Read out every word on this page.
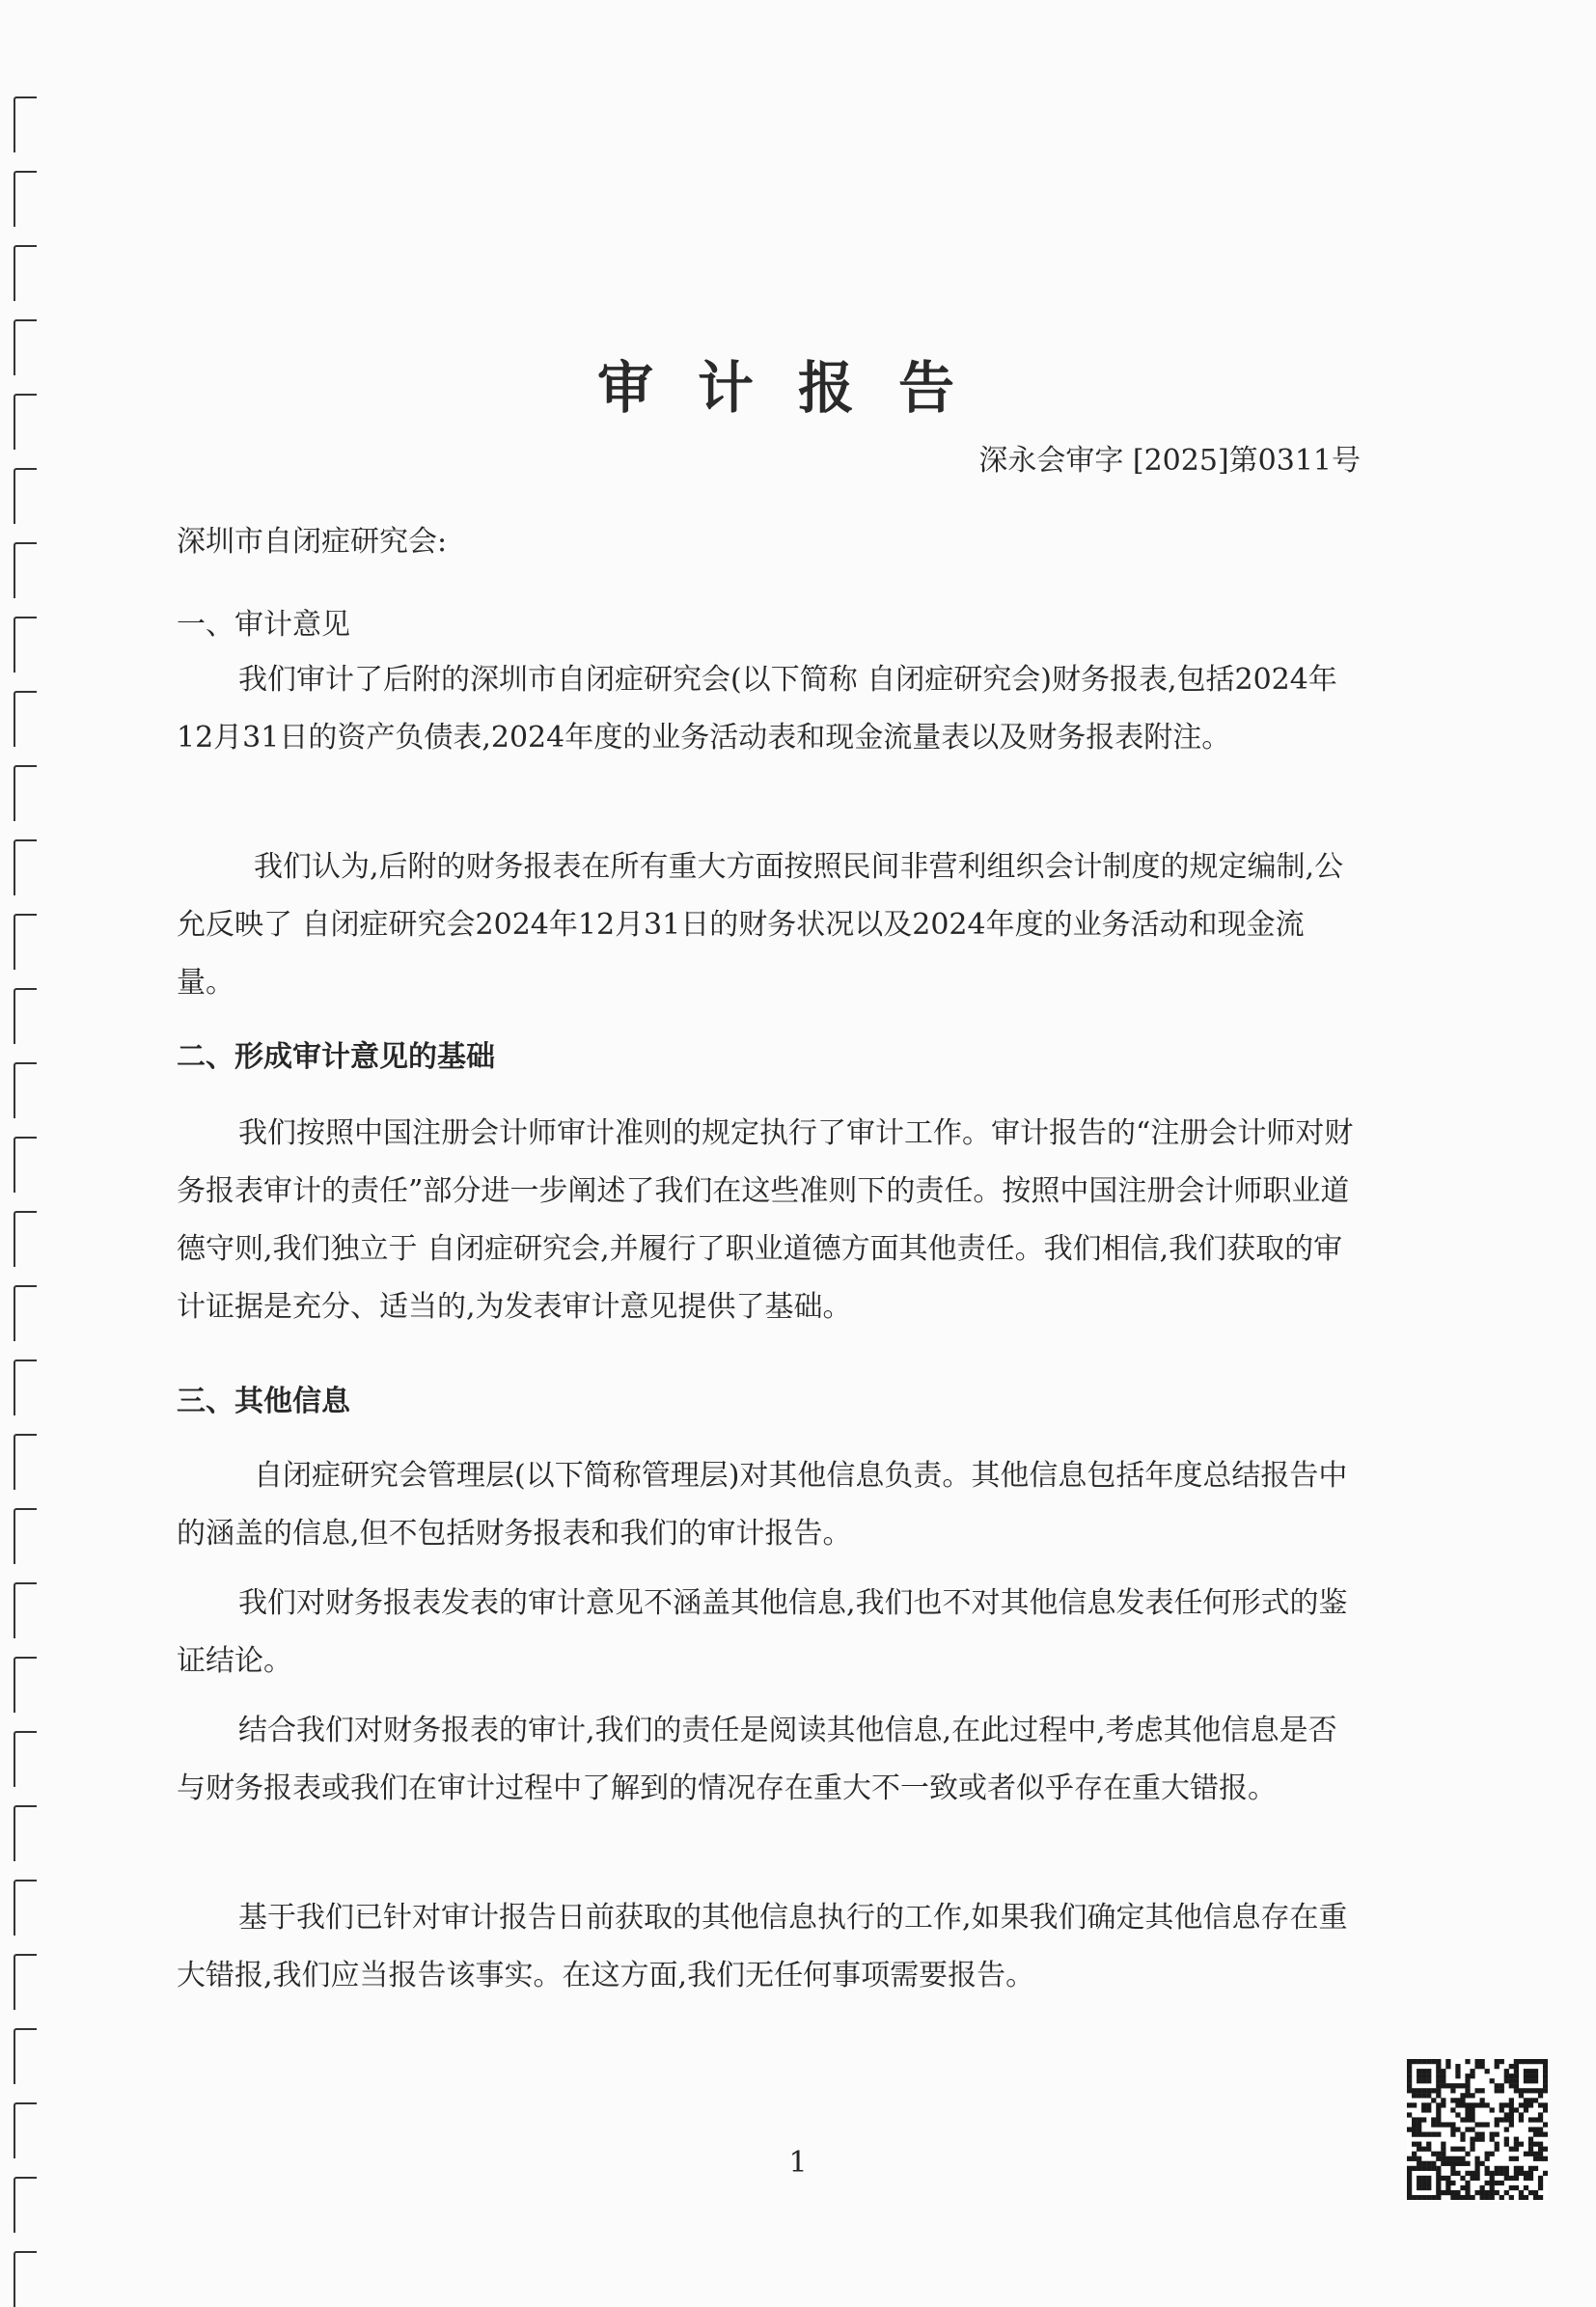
审计报告

深永会审字 [2025]第0311号

深圳市自闭症研究会:

一、审计意见

我们审计了后附的深圳市自闭症研究会(以下简称 自闭症研究会)财务报表,包括2024年12月31日的资产负债表,2024年度的业务活动表和现金流量表以及财务报表附注。

我们认为,后附的财务报表在所有重大方面按照民间非营利组织会计制度的规定编制,公允反映了 自闭症研究会2024年12月31日的财务状况以及2024年度的业务活动和现金流量。

二、形成审计意见的基础

我们按照中国注册会计师审计准则的规定执行了审计工作。审计报告的“注册会计师对财务报表审计的责任”部分进一步阐述了我们在这些准则下的责任。按照中国注册会计师职业道德守则,我们独立于 自闭症研究会,并履行了职业道德方面其他责任。我们相信,我们获取的审计证据是充分、适当的,为发表审计意见提供了基础。

三、其他信息

自闭症研究会管理层(以下简称管理层)对其他信息负责。其他信息包括年度总结报告中的涵盖的信息,但不包括财务报表和我们的审计报告。

我们对财务报表发表的审计意见不涵盖其他信息,我们也不对其他信息发表任何形式的鉴证结论。

结合我们对财务报表的审计,我们的责任是阅读其他信息,在此过程中,考虑其他信息是否与财务报表或我们在审计过程中了解到的情况存在重大不一致或者似乎存在重大错报。

基于我们已针对审计报告日前获取的其他信息执行的工作,如果我们确定其他信息存在重大错报,我们应当报告该事实。在这方面,我们无任何事项需要报告。

1
